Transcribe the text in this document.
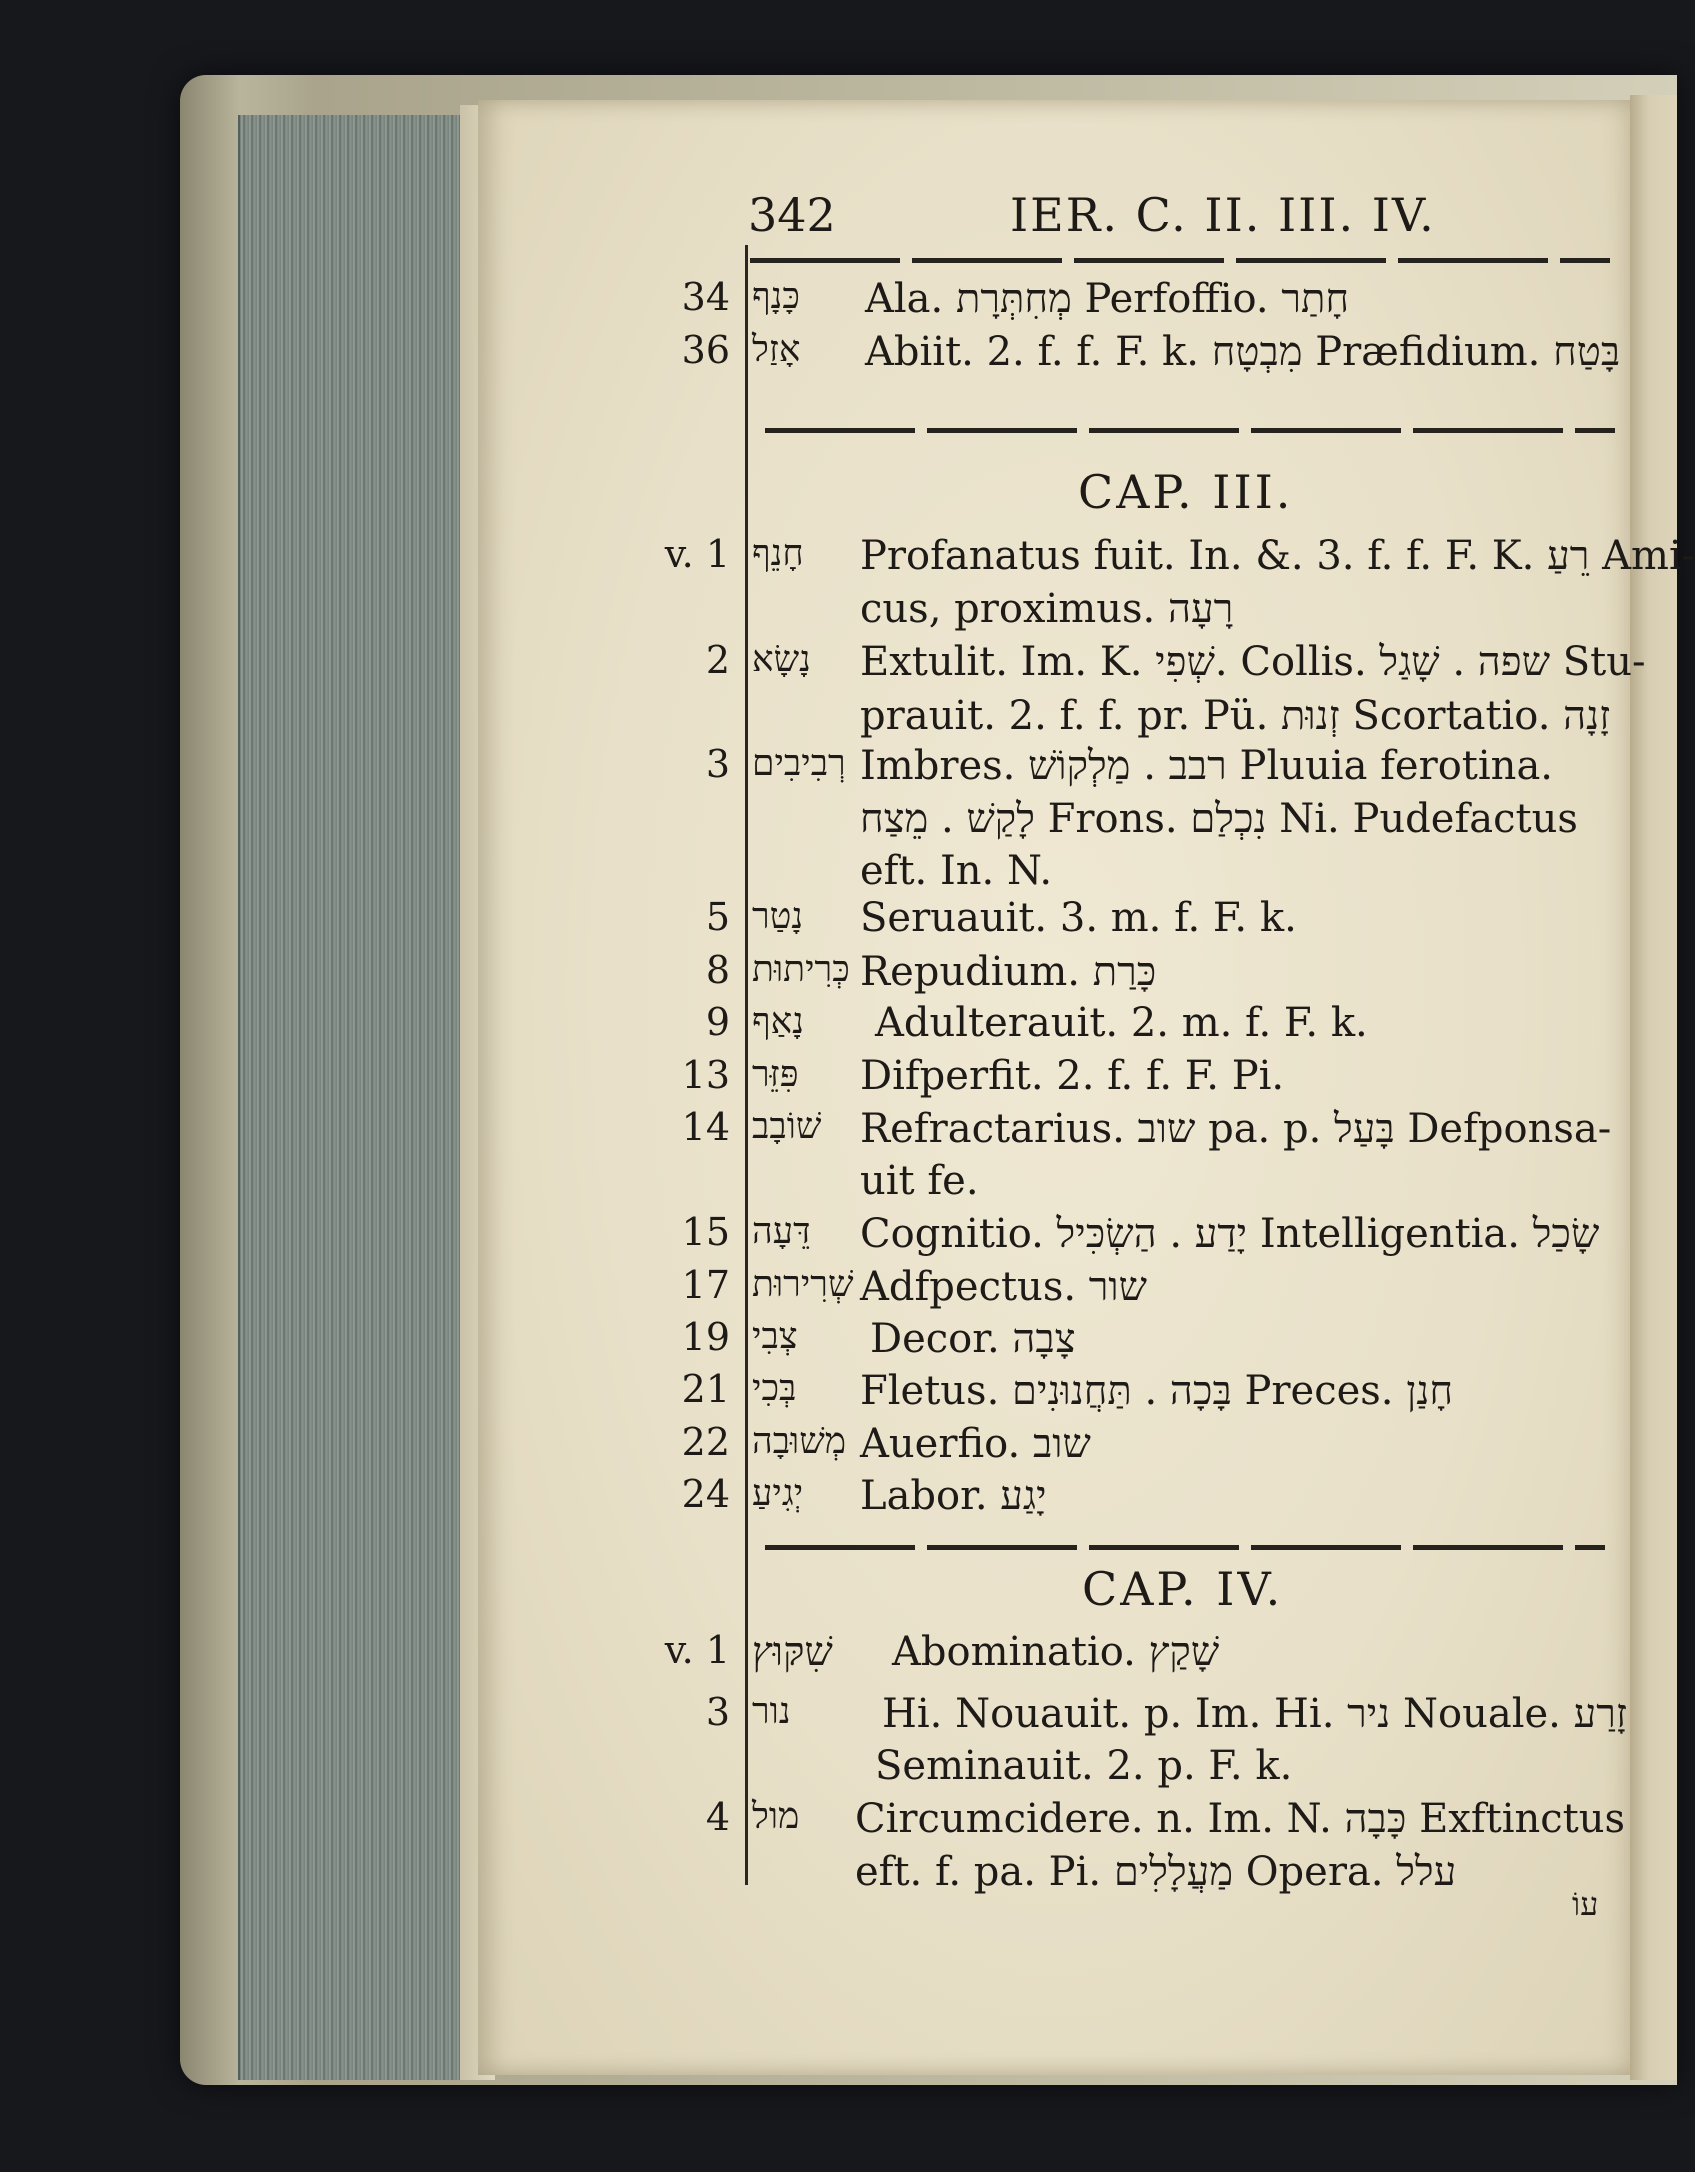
342	IER. C. II. III. IV.
34 כָּנָף	Ala. מְחִתְּרָת Perfoffio. חָתַר
36 אָזַל	Abiit. 2. f. f. F. k. מִבְטָח Præfidium. בָּטַח
CAP. III.
v. 1 חָנֵף	Profanatus fuit. In. &. 3. f. f. F. K. רֵעַ Ami-
cus, proximus. רָעָה
2 נָשָׂא	Extulit. Im. K. שְׁפִי. Collis. שפה . שָׁגַל Stu-
prauit. 2. f. f. pr. Pü. זְנוּת Scortatio. זָנָה
3 רְבִיבִים Imbres. רבב . מַלְקוֹשׁ Pluuia ferotina.
לָקַשׁ . מֵצַח Frons. נִכְלַם Ni. Pudefactus
eft. In. N.
5 נָטַר	Seruauit. 3. m. f. F. k.
8 כְּרִיתוּת Repudium. כָּרַת
9 נָאַף	Adulterauit. 2. m. f. F. k.
13 פִּזֵּר	Difperfit. 2. f. f. F. Pi.
14 שׁוֹבָב Refractarius. שוב pa. p. בָּעַל Defponsa-
uit fe.
15 דֵּעָה	Cognitio. יָדַע . הַשְׂכִּיל Intelligentia. שָׂכַל
17 שְׁרִירוּת Adfpectus. שור
19 צְבִי	Decor. צָבָה
21 בְּכִי	Fletus. בָּכָה . תַּחֲנוּנִים Preces. חָנַן
22 מְשׁוּבָה Auerfio. שוב
24 יְגִיעַ	Labor. יָגַע
CAP. IV.
v. 1 שִׁקּוּץ	Abominatio. שָׁקַץ
3 נור	Hi. Nouauit. p. Im. Hi. ניר Nouale. זָרַע
Seminauit. 2. p. F. k.
4 מול	Circumcidere. n. Im. N. כָּבָה Exftinctus
eft. f. pa. Pi. מַעֲלָלִים Opera. עלל
עוֹ
